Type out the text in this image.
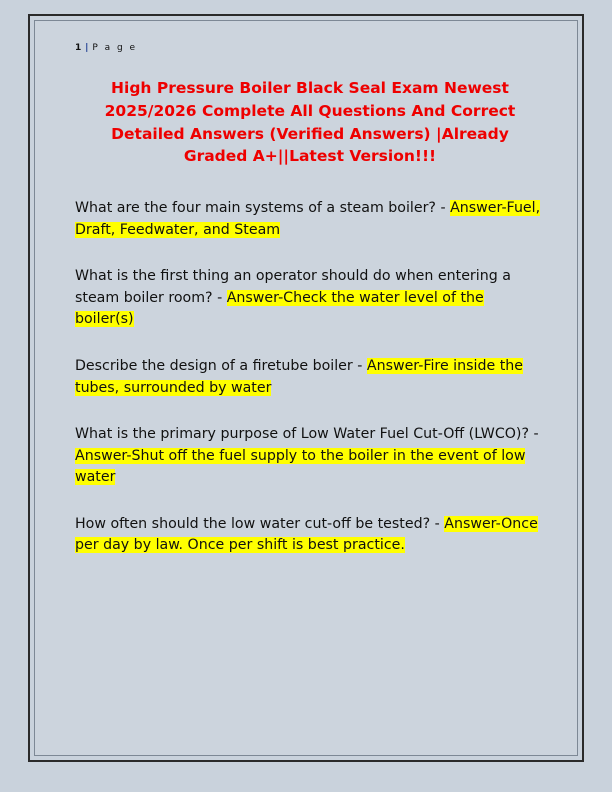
1 | P a g e
High Pressure Boiler Black Seal Exam Newest 2025/2026 Complete All Questions And Correct Detailed Answers (Verified Answers) |Already Graded A+||Latest Version!!!
What are the four main systems of a steam boiler? - Answer-Fuel, Draft, Feedwater, and Steam
What is the first thing an operator should do when entering a steam boiler room? - Answer-Check the water level of the boiler(s)
Describe the design of a firetube boiler - Answer-Fire inside the tubes, surrounded by water
What is the primary purpose of Low Water Fuel Cut-Off (LWCO)? - Answer-Shut off the fuel supply to the boiler in the event of low water
How often should the low water cut-off be tested? - Answer-Once per day by law. Once per shift is best practice.
